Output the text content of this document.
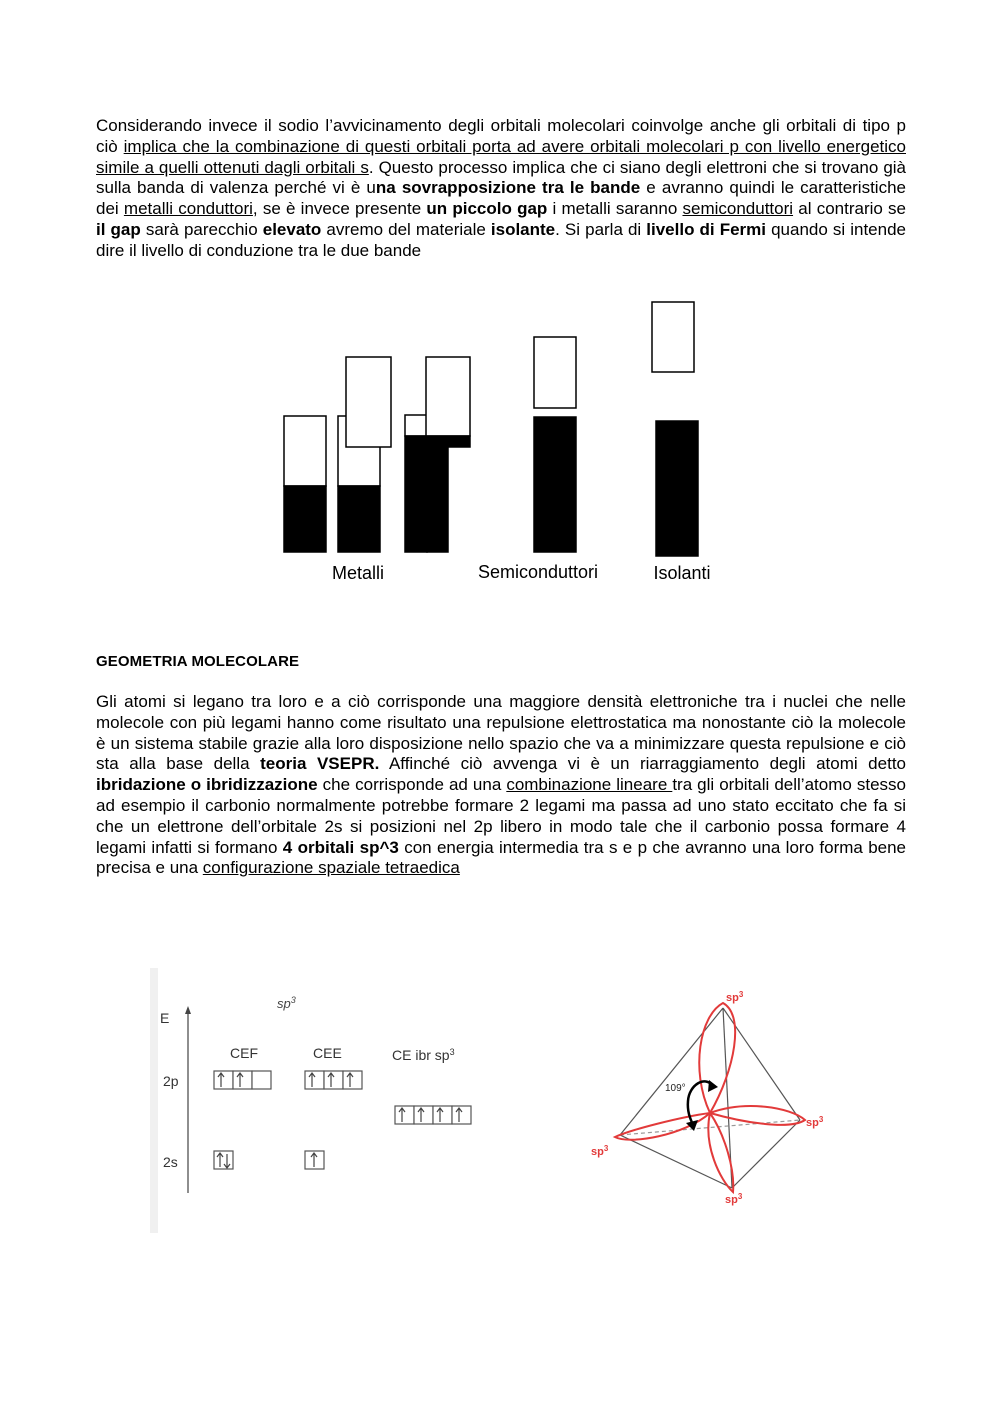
Considerando invece il sodio l’avvicinamento degli orbitali molecolari coinvolge anche gli orbitali di tipo p ciò implica che la combinazione di questi orbitali porta ad avere orbitali molecolari p con livello energetico simile a quelli ottenuti dagli orbitali s. Questo processo implica che ci siano degli elettroni che si trovano già sulla banda di valenza perché vi è una sovrapposizione tra le bande e avranno quindi le caratteristiche dei metalli conduttori, se è invece presente un piccolo gap i metalli saranno semiconduttori al contrario se il gap sarà parecchio elevato avremo del materiale isolante. Si parla di livello di Fermi quando si intende dire il livello di conduzione tra le due bande
Metalli	Semiconduttori	Isolanti
GEOMETRIA MOLECOLARE
Gli atomi si legano tra loro e a ciò corrisponde una maggiore densità elettroniche tra i nuclei che nelle molecole con più legami hanno come risultato una repulsione elettrostatica ma nonostante ciò la molecole è un sistema stabile grazie alla loro disposizione nello spazio che va a minimizzare questa repulsione e ciò sta alla base della teoria VSEPR. Affinché ciò avvenga vi è un riarraggiamento degli atomi detto ibridazione o ibridizzazione che corrisponde ad una combinazione lineare tra gli orbitali dell’atomo stesso ad esempio il carbonio normalmente potrebbe formare 2 legami ma passa ad uno stato eccitato che fa si che un elettrone dell’orbitale 2s si posizioni nel 2p libero in modo tale che il carbonio possa formare 4 legami infatti si formano 4 orbitali sp^3 con energia intermedia tra s e p che avranno una loro forma bene precisa e una configurazione spaziale tetraedica
E
$sp^3$
CEF	CEE	CE ibr $sp^3$
2p
2s
109°
$sp^3$
$sp^3$
$sp^3$
$sp^3$
